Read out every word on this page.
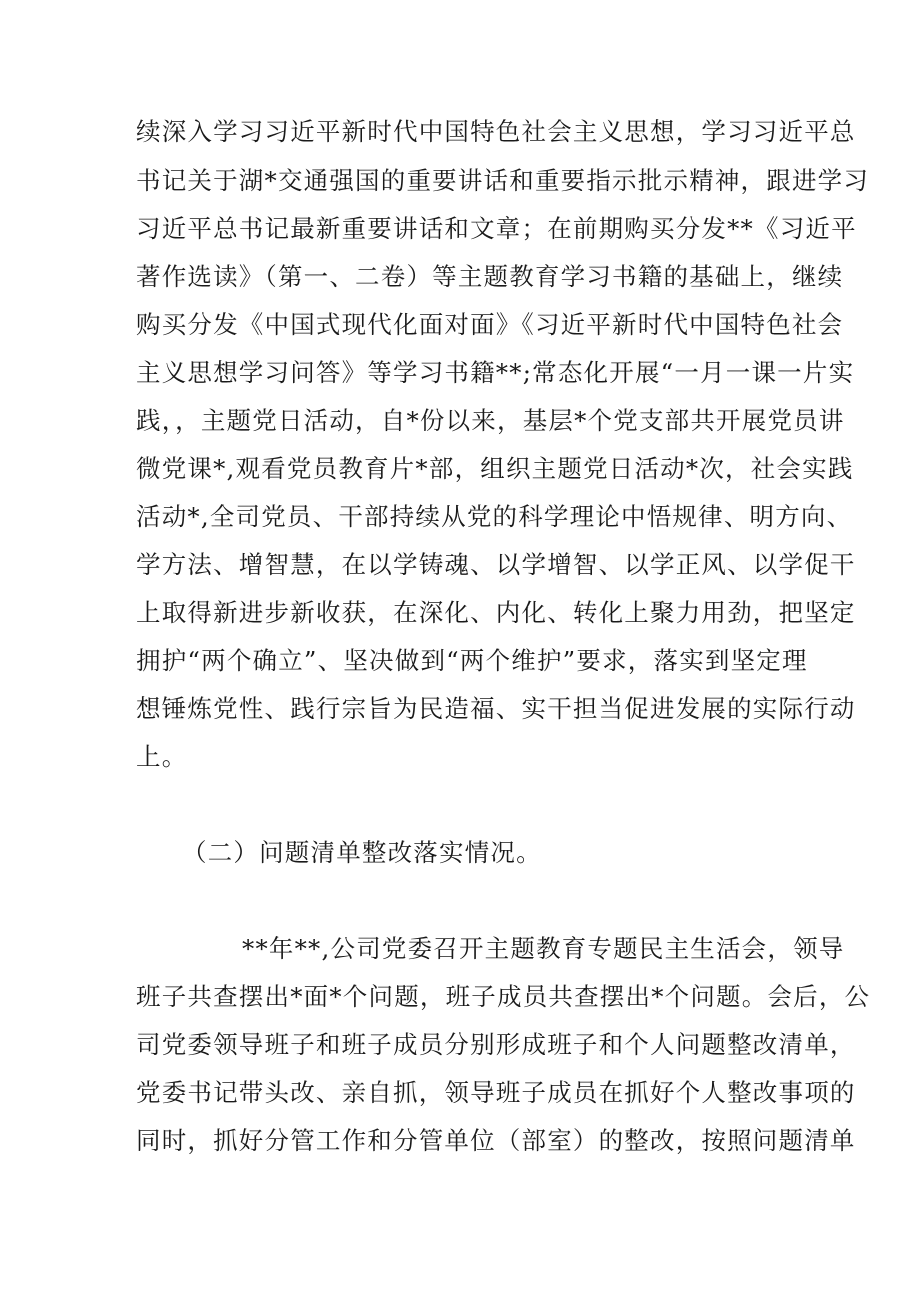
续深入学习习近平新时代中国特色社会主义思想，学习习近平总
书记关于湖*交通强国的重要讲话和重要指示批示精神，跟进学习
习近平总书记最新重要讲话和文章；在前期购买分发**《习近平
著作选读》（第一、二卷）等主题教育学习书籍的基础上，继续
购买分发《中国式现代化面对面》《习近平新时代中国特色社会
主义思想学习问答》等学习书籍**;常态化开展“一月一课一片实
践，，主题党日活动，自*份以来，基层*个党支部共开展党员讲
微党课*,观看党员教育片*部，组织主题党日活动*次，社会实践
活动*,全司党员、干部持续从党的科学理论中悟规律、明方向、
学方法、增智慧，在以学铸魂、以学增智、以学正风、以学促干
上取得新进步新收获，在深化、内化、转化上聚力用劲，把坚定
拥护“两个确立”、坚决做到“两个维护”要求，落实到坚定理
想锤炼党性、践行宗旨为民造福、实干担当促进发展的实际行动
上。
（二）问题清单整改落实情况。
**年**,公司党委召开主题教育专题民主生活会，领导
班子共查摆出*面*个问题，班子成员共查摆出*个问题。会后，公
司党委领导班子和班子成员分别形成班子和个人问题整改清单，
党委书记带头改、亲自抓，领导班子成员在抓好个人整改事项的
同时，抓好分管工作和分管单位（部室）的整改，按照问题清单
